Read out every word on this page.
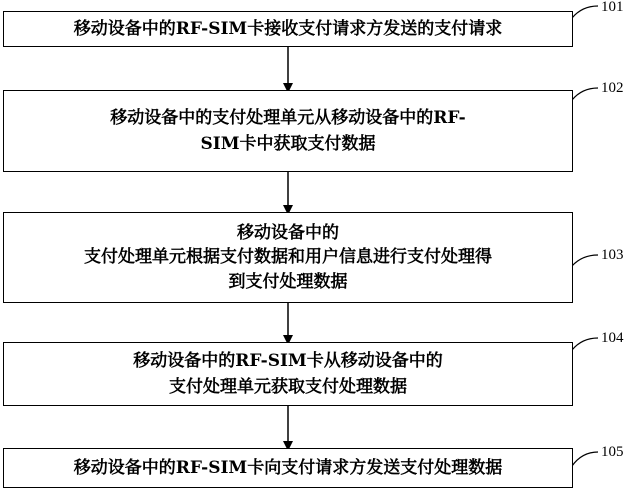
移动设备中的RF-SIM卡接收支付请求方发送的支付请求
101
移动设备中的支付处理单元从移动设备中的RF-
SIM卡中获取支付数据
102
移动设备中的
支付处理单元根据支付数据和用户信息进行支付处理得
到支付处理数据
103
移动设备中的RF-SIM卡从移动设备中的
支付处理单元获取支付处理数据
104
移动设备中的RF-SIM卡向支付请求方发送支付处理数据
105
